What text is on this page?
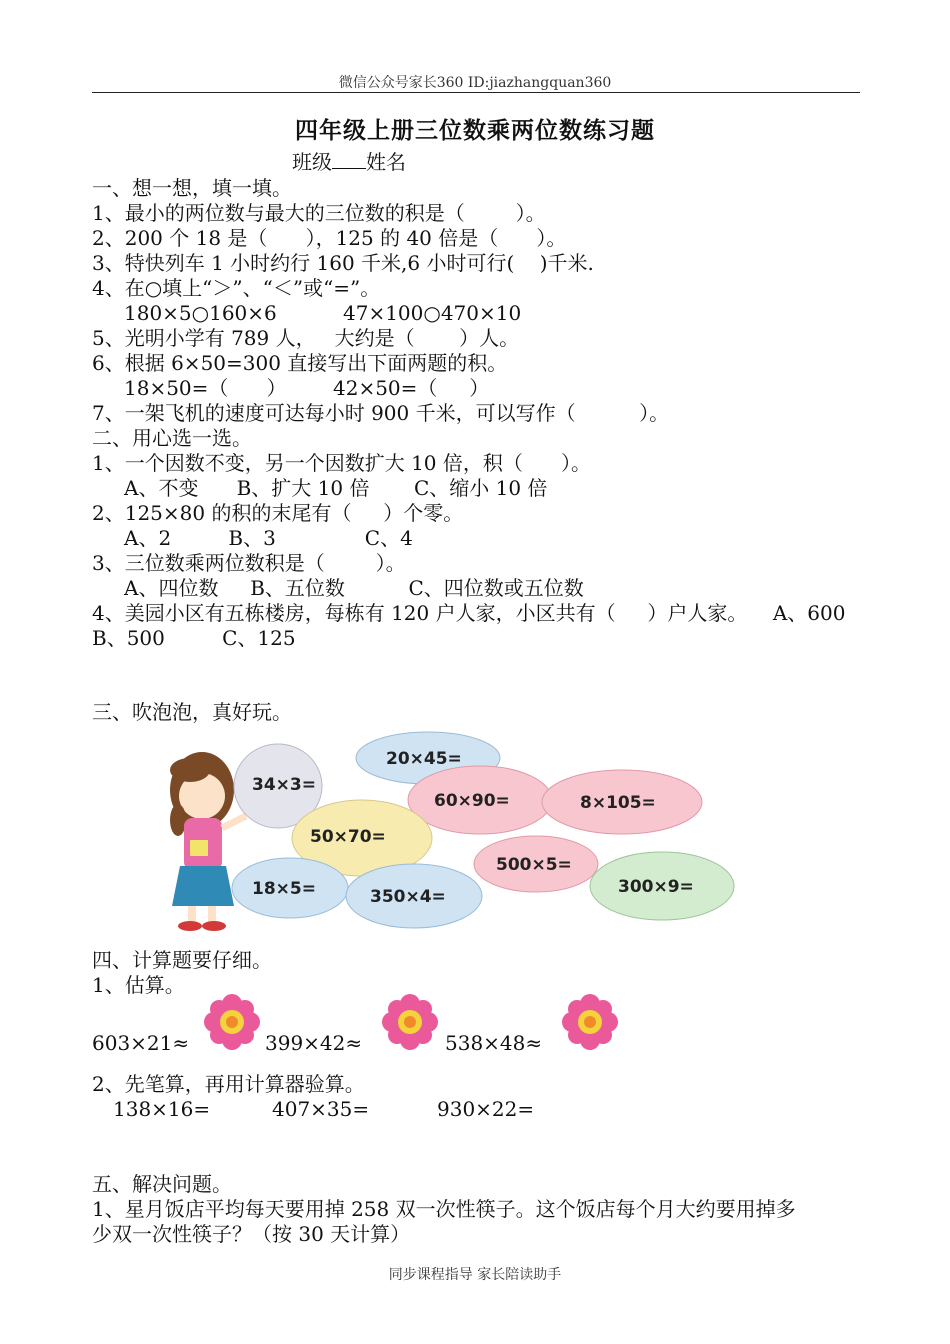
微信公众号家长360 ID:jiazhangquan360
四年级上册三位数乘两位数练习题
班级 姓名
一、想一想，填一填。
1、最小的两位数与最大的三位数的积是（        ）。
2、200 个 18 是（      ），125 的 40 倍是（      ）。
3、特快列车 1 小时约行 160 千米,6 小时可行(    )千米.
4、在○填上“＞”、“＜”或“=”。
180×5○160×6	47×100○470×10
5、光明小学有 789 人，   大约是（       ）人。
6、根据 6×50=300 直接写出下面两题的积。
18×50=（      ） 42×50=（     ）
7、一架飞机的速度可达每小时 900 千米，可以写作（          ）。
二、用心选一选。
1、一个因数不变，另一个因数扩大 10 倍，积（      ）。
A、不变      B、扩大 10 倍       C、缩小 10 倍
2、125×80 的积的末尾有（     ）个零。
A、2         B、3              C、4
3、三位数乘两位数积是（        ）。
A、四位数     B、五位数          C、四位数或五位数
4、美园小区有五栋楼房，每栋有 120 户人家，小区共有（     ）户人家。    A、600
B、500         C、125
三、吹泡泡，真好玩。
20×45=
34×3=
60×90=	8×105=
50×70=
500×5=
18×5=	350×4=	300×9=
四、计算题要仔细。
1、估算。
603×21≈	399×42≈	538×48≈
2、先笔算，再用计算器验算。
138×16=	407×35=	930×22=
五、解决问题。
1、星月饭店平均每天要用掉 258 双一次性筷子。这个饭店每个月大约要用掉多
少双一次性筷子？（按 30 天计算）
同步课程指导 家长陪读助手
